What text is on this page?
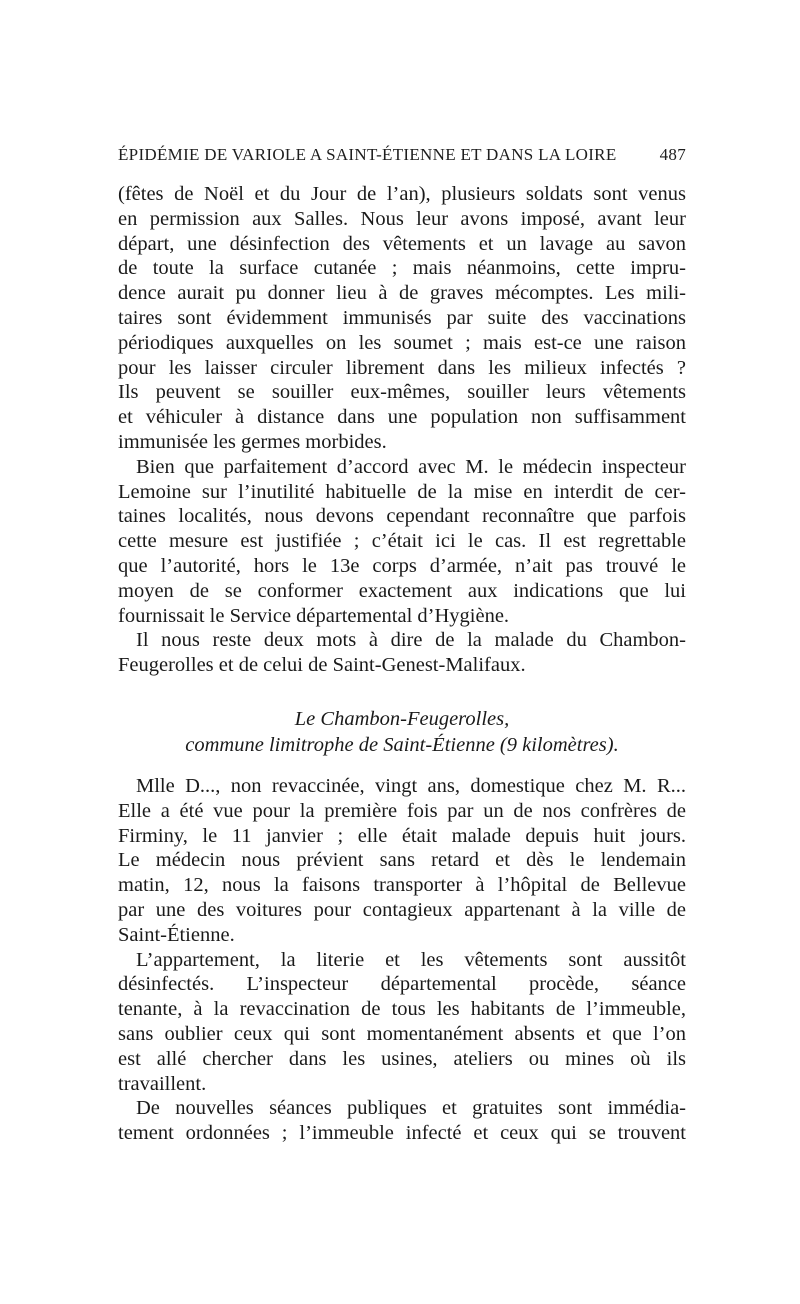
ÉPIDÉMIE DE VARIOLE A SAINT-ÉTIENNE ET DANS LA LOIRE	487
(fêtes de Noël et du Jour de l’an), plusieurs soldats sont venus
en permission aux Salles. Nous leur avons imposé, avant leur
départ, une désinfection des vêtements et un lavage au savon
de toute la surface cutanée ; mais néanmoins, cette impru-
dence aurait pu donner lieu à de graves mécomptes. Les mili-
taires sont évidemment immunisés par suite des vaccinations
périodiques auxquelles on les soumet ; mais est-ce une raison
pour les laisser circuler librement dans les milieux infectés ?
Ils peuvent se souiller eux-mêmes, souiller leurs vêtements
et véhiculer à distance dans une population non suffisamment
immunisée les germes morbides.
Bien que parfaitement d’accord avec M. le médecin inspecteur
Lemoine sur l’inutilité habituelle de la mise en interdit de cer-
taines localités, nous devons cependant reconnaître que parfois
cette mesure est justifiée ; c’était ici le cas. Il est regrettable
que l’autorité, hors le 13e corps d’armée, n’ait pas trouvé le
moyen de se conformer exactement aux indications que lui
fournissait le Service départemental d’Hygiène.
Il nous reste deux mots à dire de la malade du Chambon-
Feugerolles et de celui de Saint-Genest-Malifaux.
Le Chambon-Feugerolles,
commune limitrophe de Saint-Étienne (9 kilomètres).
Mlle D..., non revaccinée, vingt ans, domestique chez M. R...
Elle a été vue pour la première fois par un de nos confrères de
Firminy, le 11 janvier ; elle était malade depuis huit jours.
Le médecin nous prévient sans retard et dès le lendemain
matin, 12, nous la faisons transporter à l’hôpital de Bellevue
par une des voitures pour contagieux appartenant à la ville de
Saint-Étienne.
L’appartement, la literie et les vêtements sont aussitôt
désinfectés. L’inspecteur départemental procède, séance
tenante, à la revaccination de tous les habitants de l’immeuble,
sans oublier ceux qui sont momentanément absents et que l’on
est allé chercher dans les usines, ateliers ou mines où ils
travaillent.
De nouvelles séances publiques et gratuites sont immédia-
tement ordonnées ; l’immeuble infecté et ceux qui se trouvent
